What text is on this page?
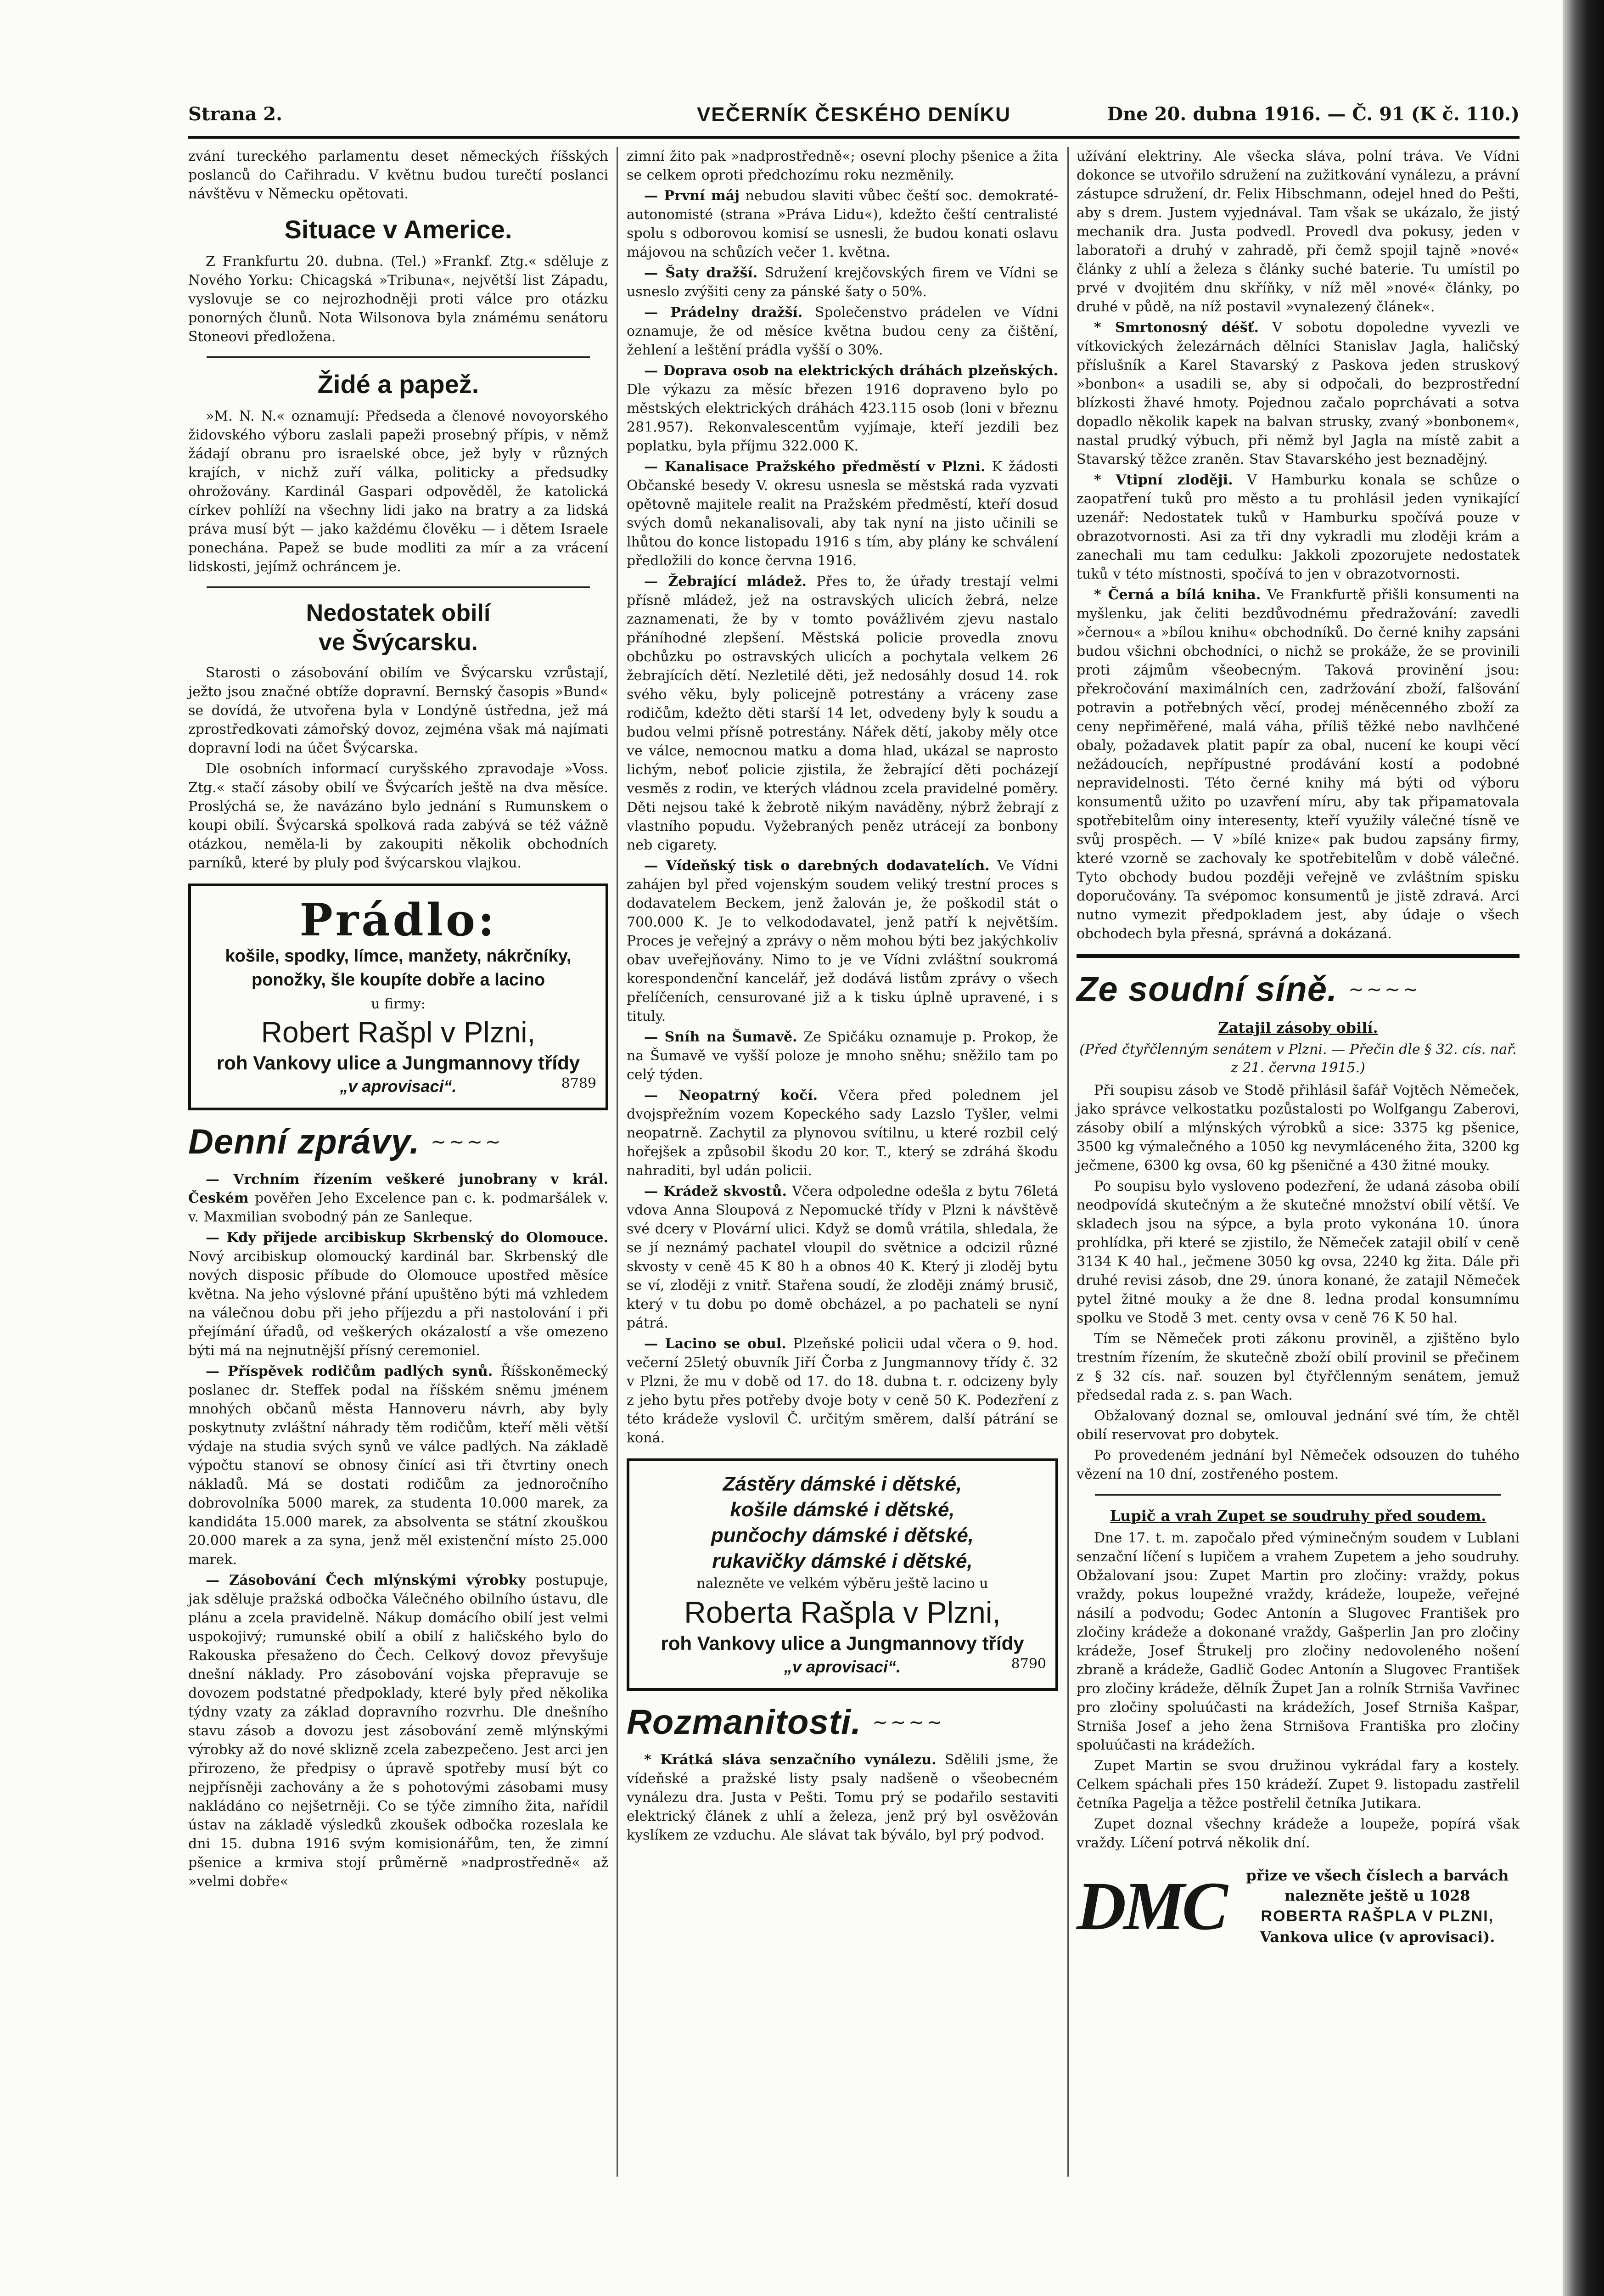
Strana 2.	VEČERNÍK ČESKÉHO DENÍKU	Dne 20. dubna 1916. — Č. 91 (K č. 110.)

zvání tureckého parlamentu deset německých říšských poslanců do Cařihradu. V květnu budou turečtí poslanci návštěvu v Německu opětovati.

Situace v Americe.

Z Frankfurtu 20. dubna. (Tel.) »Frankf. Ztg.« sděluje z Nového Yorku: Chicagská »Tribuna«, největší list Západu, vyslovuje se co nejrozhodněji proti válce pro otázku ponorných člunů. Nota Wilsonova byla známému senátoru Stoneovi předložena.

Židé a papež.

»M. N. N.« oznamují: Předseda a členové novoyorského židovského výboru zaslali papeži prosebný přípis, v němž žádají obranu pro israelské obce, jež byly v různých krajích, v nichž zuří válka, politicky a předsudky ohrožovány. Kardinál Gaspari odpověděl, že katolická církev pohlíží na všechny lidi jako na bratry a za lidská práva musí být — jako každému člověku — i dětem Israele ponechána. Papež se bude modliti za mír a za vrácení lidskosti, jejímž ochráncem je.

Nedostatek obilí
ve Švýcarsku.

Starosti o zásobování obilím ve Švýcarsku vzrůstají, ježto jsou značné obtíže dopravní. Bernský časopis »Bund« se dovídá, že utvořena byla v Londýně ústředna, jež má zprostředkovati zámořský dovoz, zejména však má najímati dopravní lodi na účet Švýcarska.

Dle osobních informací curyšského zpravodaje »Voss. Ztg.« stačí zásoby obilí ve Švýcarích ještě na dva měsíce. Proslýchá se, že navázáno bylo jednání s Rumunskem o koupi obilí. Švýcarská spolková rada zabývá se též vážně otázkou, neměla-li by zakoupiti několik obchodních parníků, které by pluly pod švýcarskou vlajkou.

Prádlo:
košile, spodky, límce, manžety, nákrčníky,
ponožky, šle koupíte dobře a lacino
u firmy:
Robert Rašpl v Plzni,
roh Vankovy ulice a Jungmannovy třídy
„v aprovisaci“.	8789
Denní zprávy. ~~~~

— Vrchním řízením veškeré junobrany v král. Českém pověřen Jeho Excelence pan c. k. podmaršálek v. v. Maxmilian svobodný pán ze Sanleque.

— Kdy přijede arcibiskup Skrbenský do Olomouce. Nový arcibiskup olomoucký kardinál bar. Skrbenský dle nových disposic příbude do Olomouce upostřed měsíce května. Na jeho výslovné přání upuštěno býti má vzhledem na válečnou dobu při jeho příjezdu a při nastolování i při přejímání úřadů, od veškerých okázalostí a vše omezeno býti má na nejnutnější přísný ceremoniel.

— Příspěvek rodičům padlých synů. Říšskoněmecký poslanec dr. Steffek podal na říšském sněmu jménem mnohých občanů města Hannoveru návrh, aby byly poskytnuty zvláštní náhrady těm rodičům, kteří měli větší výdaje na studia svých synů ve válce padlých. Na základě výpočtu stanoví se obnosy činící asi tři čtvrtiny onech nákladů. Má se dostati rodičům za jednoročního dobrovolníka 5000 marek, za studenta 10.000 marek, za kandidáta 15.000 marek, za absolventa se státní zkouškou 20.000 marek a za syna, jenž měl existenční místo 25.000 marek.

— Zásobování Čech mlýnskými výrobky postupuje, jak sděluje pražská odbočka Válečného obilního ústavu, dle plánu a zcela pravidelně. Nákup domácího obilí jest velmi uspokojivý; rumunské obilí a obilí z haličského bylo do Rakouska přesaženo do Čech. Celkový dovoz převyšuje dnešní náklady. Pro zásobování vojska přepravuje se dovozem podstatné předpoklady, které byly před několika týdny vzaty za základ dopravního rozvrhu. Dle dnešního stavu zásob a dovozu jest zásobování země mlýnskými výrobky až do nové sklizně zcela zabezpečeno. Jest arci jen přirozeno, že předpisy o úpravě spotřeby musí být co nejpřísněji zachovány a že s pohotovými zásobami musy nakládáno co nejšetrněji. Co se týče zimního žita, nařídil ústav na základě výsledků zkoušek odbočka rozeslala ke dni 15. dubna 1916 svým komisionářům, ten, že zimní pšenice a krmiva stojí průměrně »nadprostředně« až »velmi dobře«

zimní žito pak »nadprostředně«; osevní plochy pšenice a žita se celkem oproti předchozímu roku nezměnily.

— První máj nebudou slaviti vůbec čeští soc. demokraté-autonomisté (strana »Práva Lidu«), kdežto čeští centralisté spolu s odborovou komisí se usnesli, že budou konati oslavu májovou na schůzích večer 1. května.

— Šaty dražší. Sdružení krejčovských firem ve Vídni se usneslo zvýšiti ceny za pánské šaty o 50%.

— Prádelny dražší. Společenstvo prádelen ve Vídni oznamuje, že od měsíce května budou ceny za čištění, žehlení a leštění prádla vyšší o 30%.

— Doprava osob na elektrických dráhách plzeňských. Dle výkazu za měsíc březen 1916 dopraveno bylo po městských elektrických dráhách 423.115 osob (loni v březnu 281.957). Rekonvalescentům vyjímaje, kteří jezdili bez poplatku, byla příjmu 322.000 K.

— Kanalisace Pražského předměstí v Plzni. K žádosti Občanské besedy V. okresu usnesla se městská rada vyzvati opětovně majitele realit na Pražském předměstí, kteří dosud svých domů nekanalisovali, aby tak nyní na jisto učinili se lhůtou do konce listopadu 1916 s tím, aby plány ke schválení předložili do konce června 1916.

— Žebrající mládež. Přes to, že úřady trestají velmi přísně mládež, jež na ostravských ulicích žebrá, nelze zaznamenati, že by v tomto povážlivém zjevu nastalo přáníhodné zlepšení. Městská policie provedla znovu obchůzku po ostravských ulicích a pochytala velkem 26 žebrajících dětí. Nezletilé děti, jež nedosáhly dosud 14. rok svého věku, byly policejně potrestány a vráceny zase rodičům, kdežto děti starší 14 let, odvedeny byly k soudu a budou velmi přísně potrestány. Nářek dětí, jakoby měly otce ve válce, nemocnou matku a doma hlad, ukázal se naprosto lichým, neboť policie zjistila, že žebrající děti pocházejí vesměs z rodin, ve kterých vládnou zcela pravidelné poměry. Děti nejsou také k žebrotě nikým naváděny, nýbrž žebrají z vlastního popudu. Vyžebraných peněz utrácejí za bonbony neb cigarety.

— Vídeňský tisk o darebných dodavatelích. Ve Vídni zahájen byl před vojenským soudem veliký trestní proces s dodavatelem Beckem, jenž žalován je, že poškodil stát o 700.000 K. Je to velkododavatel, jenž patří k největším. Proces je veřejný a zprávy o něm mohou býti bez jakýchkoliv obav uveřejňovány. Nimo to je ve Vídni zvláštní soukromá korespondenční kancelář, jež dodává listům zprávy o všech přelíčeních, censurované již a k tisku úplně upravené, i s tituly.

— Sníh na Šumavě. Ze Spičáku oznamuje p. Prokop, že na Šumavě ve vyšší poloze je mnoho sněhu; sněžilo tam po celý týden.

— Neopatrný kočí. Včera před polednem jel dvojspřežním vozem Kopeckého sady Lazslo Tyšler, velmi neopatrně. Zachytil za plynovou svítilnu, u které rozbil celý hořejšek a způsobil škodu 20 kor. T., který se zdráhá škodu nahraditi, byl udán policii.

— Krádež skvostů. Včera odpoledne odešla z bytu 76letá vdova Anna Sloupová z Nepomucké třídy v Plzni k návštěvě své dcery v Plovární ulici. Když se domů vrátila, shledala, že se jí neznámý pachatel vloupil do světnice a odcizil různé skvosty v ceně 45 K 80 h a obnos 40 K. Který ji zloděj bytu se ví, zloději z vnitř. Stařena soudí, že zloději známý brusič, který v tu dobu po domě obcházel, a po pachateli se nyní pátrá.

— Lacino se obul. Plzeňské policii udal včera o 9. hod. večerní 25letý obuvník Jiří Čorba z Jungmannovy třídy č. 32 v Plzni, že mu v době od 17. do 18. dubna t. r. odcizeny byly z jeho bytu přes potřeby dvoje boty v ceně 50 K. Podezření z této krádeže vyslovil Č. určitým směrem, další pátrání se koná.

Zástěry dámské i dětské,
košile dámské i dětské,
punčochy dámské i dětské,
rukavičky dámské i dětské,
nalezněte ve velkém výběru ještě lacino u
Roberta Rašpla v Plzni,
roh Vankovy ulice a Jungmannovy třídy
„v aprovisaci“.	8790
Rozmanitosti. ~~~~

* Krátká sláva senzačního vynálezu. Sdělili jsme, že vídeňské a pražské listy psaly nadšeně o všeobecném vynálezu dra. Justa v Pešti. Tomu prý se podařilo sestaviti elektrický článek z uhlí a železa, jenž prý byl osvěžován kyslíkem ze vzduchu. Ale slávat tak býválo, byl prý podvod.

užívání elektriny. Ale všecka sláva, polní tráva. Ve Vídni dokonce se utvořilo sdružení na zužitkování vynálezu, a právní zástupce sdružení, dr. Felix Hibschmann, odejel hned do Pešti, aby s drem. Justem vyjednával. Tam však se ukázalo, že jistý mechanik dra. Justa podvedl. Provedl dva pokusy, jeden v laboratoři a druhý v zahradě, při čemž spojil tajně »nové« články z uhlí a železa s články suché baterie. Tu umístil po prvé v dvojitém dnu skříňky, v níž měl »nové« články, po druhé v půdě, na níž postavil »vynalezený článek«.

* Smrtonosný déšť. V sobotu dopoledne vyvezli ve vítkovických železárnách dělníci Stanislav Jagla, haličský příslušník a Karel Stavarský z Paskova jeden struskový »bonbon« a usadili se, aby si odpočali, do bezprostřední blízkosti žhavé hmoty. Pojednou začalo poprchávati a sotva dopadlo několik kapek na balvan strusky, zvaný »bonbonem«, nastal prudký výbuch, při němž byl Jagla na místě zabit a Stavarský těžce zraněn. Stav Stavarského jest beznadějný.

* Vtipní zloději. V Hamburku konala se schůze o zaopatření tuků pro město a tu prohlásil jeden vynikající uzenář: Nedostatek tuků v Hamburku spočívá pouze v obrazotvornosti. Asi za tři dny vykradli mu zloději krám a zanechali mu tam cedulku: Jakkoli zpozorujete nedostatek tuků v této místnosti, spočívá to jen v obrazotvornosti.

* Černá a bílá kniha. Ve Frankfurtě přišli konsumenti na myšlenku, jak čeliti bezdůvodnému předražování: zavedli »černou« a »bílou knihu« obchodníků. Do černé knihy zapsáni budou všichni obchodníci, o nichž se prokáže, že se provinili proti zájmům všeobecným. Taková provinění jsou: překročování maximálních cen, zadržování zboží, falšování potravin a potřebných věcí, prodej méněcenného zboží za ceny nepřiměřené, malá váha, příliš těžké nebo navlhčené obaly, požadavek platit papír za obal, nucení ke koupi věcí nežádoucích, nepřípustné prodávání kostí a podobné nepravidelnosti. Této černé knihy má býti od výboru konsumentů užito po uzavření míru, aby tak připamatovala spotřebitelům oiny interesenty, kteří využily válečné tísně ve svůj prospěch. — V »bílé knize« pak budou zapsány firmy, které vzorně se zachovaly ke spotřebitelům v době válečné. Tyto obchody budou později veřejně ve zvláštním spisku doporučovány. Ta svépomoc konsumentů je jistě zdravá. Arci nutno vymezit předpokladem jest, aby údaje o všech obchodech byla přesná, správná a dokázaná.

Ze soudní síně. ~~~~
Zatajil zásoby obilí.

(Před čtyřčlenným senátem v Plzni. — Přečin dle § 32. cís. nař. z 21. června 1915.)

Při soupisu zásob ve Stodě přihlásil šafář Vojtěch Němeček, jako správce velkostatku pozůstalosti po Wolfgangu Zaberovi, zásoby obilí a mlýnských výrobků a sice: 3375 kg pšenice, 3500 kg výmalečného a 1050 kg nevymláceného žita, 3200 kg ječmene, 6300 kg ovsa, 60 kg pšeničné a 430 žitné mouky.

Po soupisu bylo vysloveno podezření, že udaná zásoba obilí neodpovídá skutečným a že skutečné množství obilí větší. Ve skladech jsou na sýpce, a byla proto vykonána 10. února prohlídka, při které se zjistilo, že Němeček zatajil obilí v ceně 3134 K 40 hal., ječmene 3050 kg ovsa, 2240 kg žita. Dále při druhé revisi zásob, dne 29. února konané, že zatajil Němeček pytel žitné mouky a že dne 8. ledna prodal konsumnímu spolku ve Stodě 3 met. centy ovsa v ceně 76 K 50 hal.

Tím se Němeček proti zákonu proviněl, a zjištěno bylo trestním řízením, že skutečně zboží obilí provinil se přečinem z § 32 cís. nař. souzen byl čtyřčlenným senátem, jemuž předsedal rada z. s. pan Wach.

Obžalovaný doznal se, omlouval jednání své tím, že chtěl obilí reservovat pro dobytek.

Po provedeném jednání byl Němeček odsouzen do tuhého vězení na 10 dní, zostřeného postem.

Lupič a vrah Zupet se soudruhy před soudem.

Dne 17. t. m. započalo před výminečným soudem v Lublani senzační líčení s lupičem a vrahem Zupetem a jeho soudruhy. Obžalovaní jsou: Zupet Martin pro zločiny: vraždy, pokus vraždy, pokus loupežné vraždy, krádeže, loupeže, veřejné násilí a podvodu; Godec Antonín a Slugovec František pro zločiny krádeže a dokonané vraždy, Gašperlin Jan pro zločiny krádeže, Josef Štrukelj pro zločiny nedovoleného nošení zbraně a krádeže, Gadlič Godec Antonín a Slugovec František pro zločiny krádeže, dělník Župet Jan a rolník Strniša Vavřinec pro zločiny spoluúčasti na krádežích, Josef Strniša Kašpar, Strniša Josef a jeho žena Strnišova Františka pro zločiny spoluúčasti na krádežích.

Zupet Martin se svou družinou vykrádal fary a kostely. Celkem spáchali přes 150 krádeží. Zupet 9. listopadu zastřelil četníka Pagelja a těžce postřelil četníka Jutikara.

Zupet doznal všechny krádeže a loupeže, popírá však vraždy. Líčení potrvá několik dní.

DMC	přize ve všech číslech a barvách
nalezněte ještě u 1028
ROBERTA RAŠPLA V PLZNI,
Vankova ulice (v aprovisaci).
